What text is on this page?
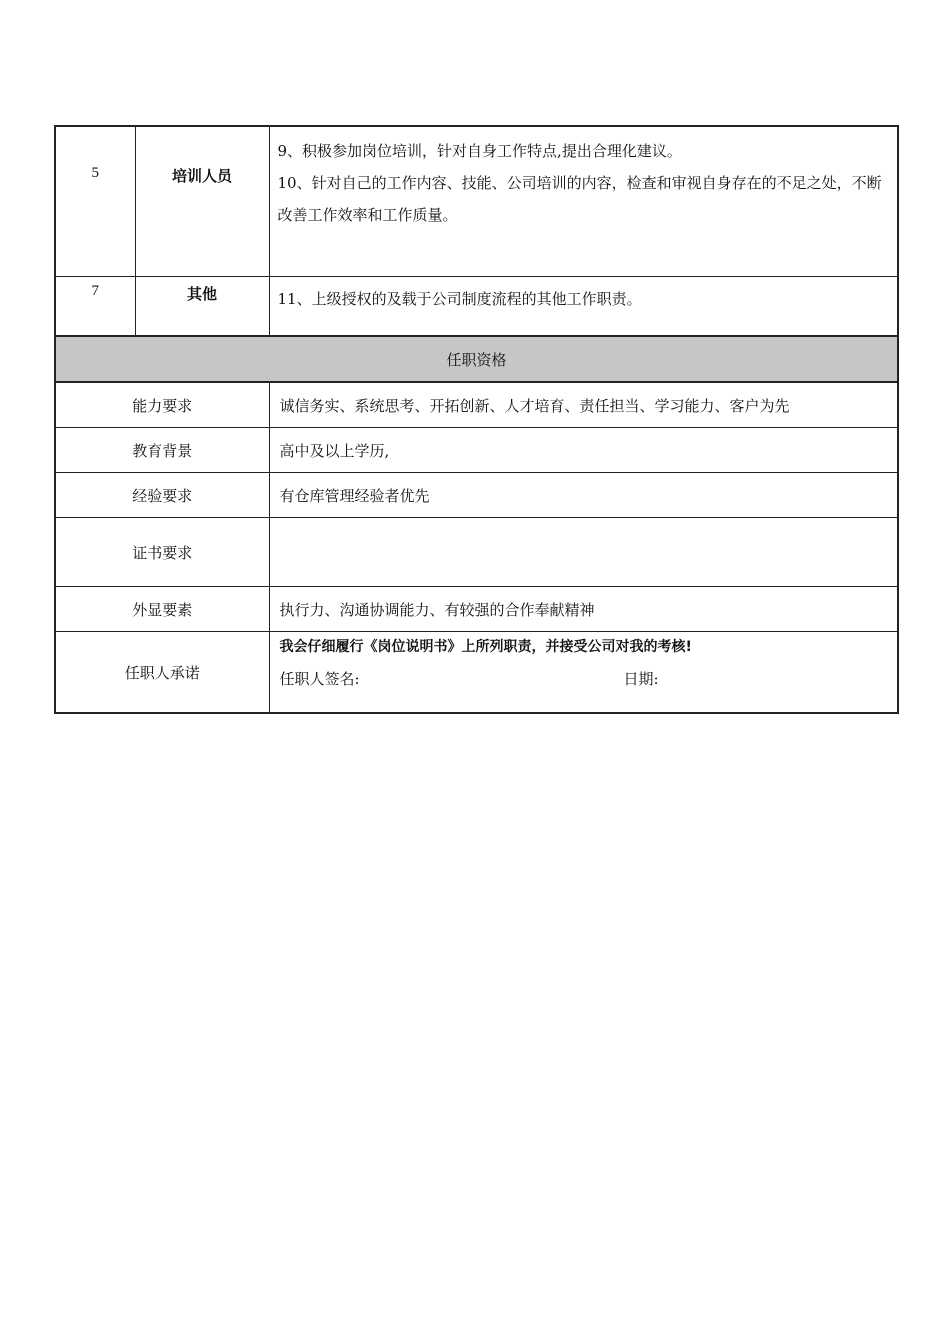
5	培训人员	9、积极参加岗位培训，针对自身工作特点,提出合理化建议。

10、针对自己的工作内容、技能、公司培训的内容，检查和审视自身存在的不足之处，不断改善工作效率和工作质量。

7	其他	11、上级授权的及载于公司制度流程的其他工作职责。

任职资格		
能力要求		诚信务实、系统思考、开拓创新、人才培育、责任担当、学习能力、客户为先
教育背景		高中及以上学历,
经验要求		有仓库管理经验者优先
证书要求		
外显要素		执行力、沟通协调能力、有较强的合作奉献精神
任职人承诺		我会仔细履行《岗位说明书》上所列职责，并接受公司对我的考核!
任职人签名: 日期:
